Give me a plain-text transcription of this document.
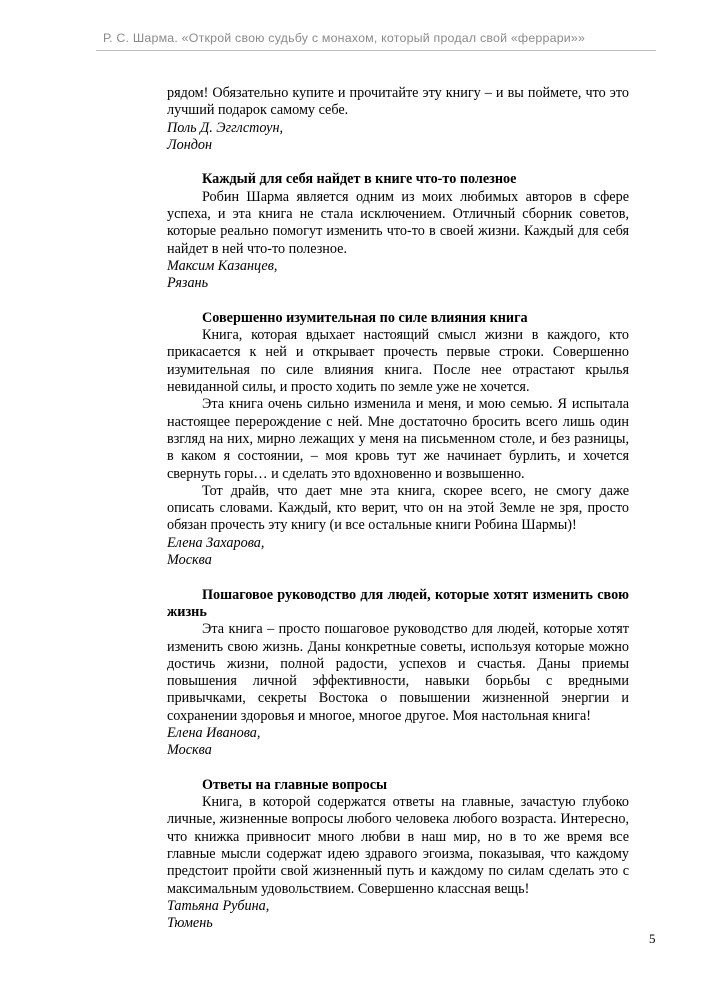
Р. С. Шарма. «Открой свою судьбу с монахом, который продал свой «феррари»»

рядом! Обязательно купите и прочитайте эту книгу – и вы поймете, что это лучший подарок самому себе.

Поль Д. Эгглстоун,

Лондон

Каждый для себя найдет в книге что-то полезное

Робин Шарма является одним из моих любимых авторов в сфере успеха, и эта книга не стала исключением. Отличный сборник советов, которые реально помогут изменить что-то в своей жизни. Каждый для себя найдет в ней что-то полезное.

Максим Казанцев,

Рязань

Совершенно изумительная по силе влияния книга

Книга, которая вдыхает настоящий смысл жизни в каждого, кто прикасается к ней и открывает прочесть первые строки. Совершенно изумительная по силе влияния книга. После нее отрастают крылья невиданной силы, и просто ходить по земле уже не хочется.

Эта книга очень сильно изменила и меня, и мою семью. Я испытала настоящее перерождение с ней. Мне достаточно бросить всего лишь один взгляд на них, мирно лежащих у меня на письменном столе, и без разницы, в каком я состоянии, – моя кровь тут же начинает бурлить, и хочется свернуть горы… и сделать это вдохновенно и возвышенно.

Тот драйв, что дает мне эта книга, скорее всего, не смогу даже описать словами. Каждый, кто верит, что он на этой Земле не зря, просто обязан прочесть эту книгу (и все остальные книги Робина Шармы)!

Елена Захарова,

Москва

Пошаговое руководство для людей, которые хотят изменить свою жизнь

Эта книга – просто пошаговое руководство для людей, которые хотят изменить свою жизнь. Даны конкретные советы, используя которые можно достичь жизни, полной радости, успехов и счастья. Даны приемы повышения личной эффективности, навыки борьбы с вредными привычками, секреты Востока о повышении жизненной энергии и сохранении здоровья и многое, многое другое. Моя настольная книга!

Елена Иванова,

Москва

Ответы на главные вопросы

Книга, в которой содержатся ответы на главные, зачастую глубоко личные, жизненные вопросы любого человека любого возраста. Интересно, что книжка привносит много любви в наш мир, но в то же время все главные мысли содержат идею здравого эгоизма, показывая, что каждому предстоит пройти свой жизненный путь и каждому по силам сделать это с максимальным удовольствием. Совершенно классная вещь!

Татьяна Рубина,

Тюмень

5
